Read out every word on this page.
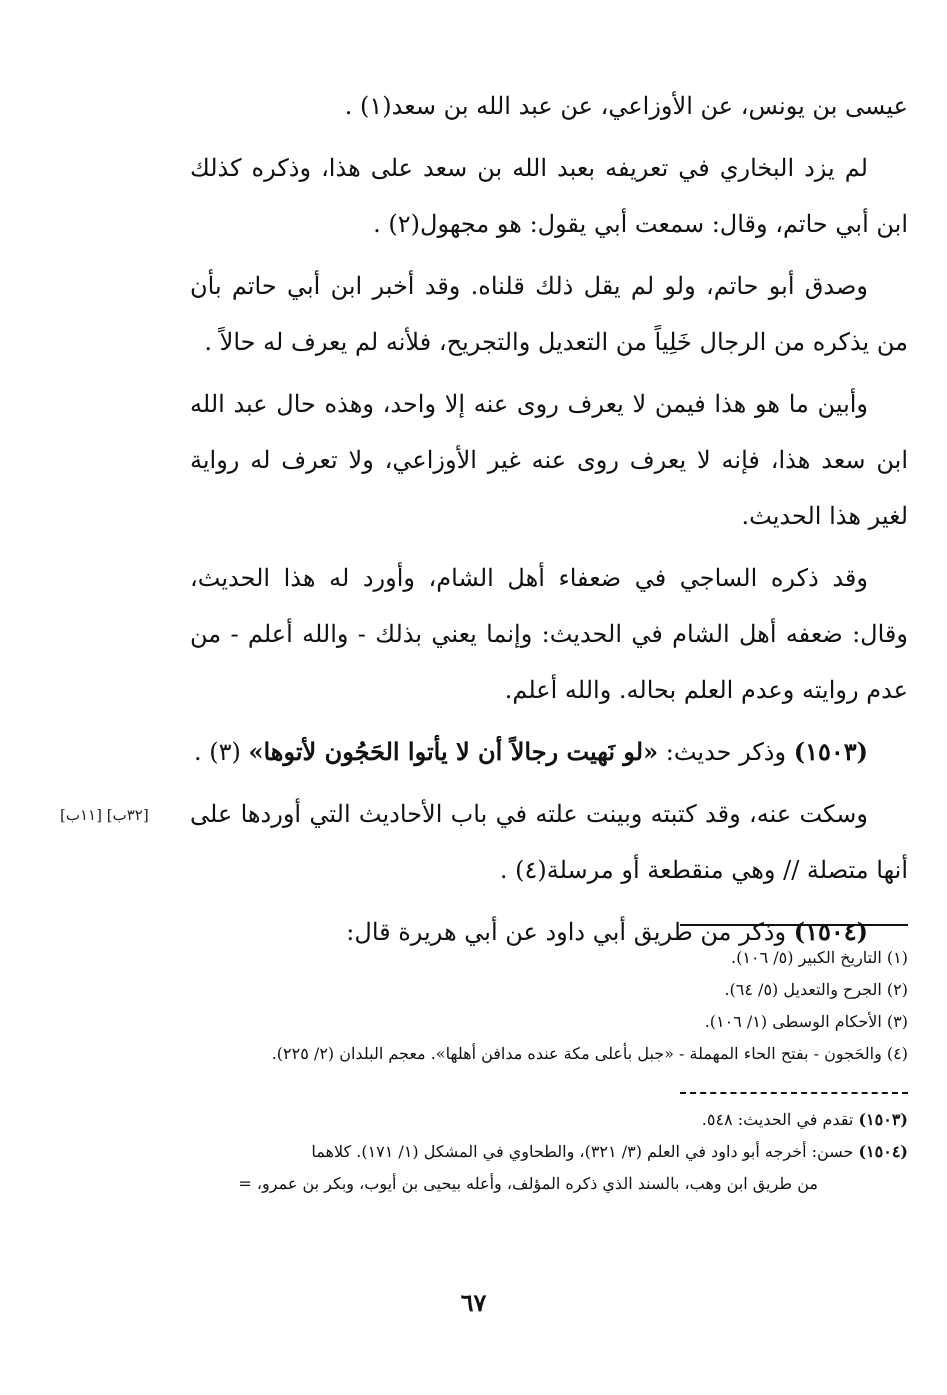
عيسى بن يونس، عن الأوزاعي، عن عبد الله بن سعد(١) .

لم يزد البخاري في تعريفه بعبد الله بن سعد على هذا، وذكره كذلك ابن أبي حاتم، وقال: سمعت أبي يقول: هو مجهول(٢) .

وصدق أبو حاتم، ولو لم يقل ذلك قلناه. وقد أخبر ابن أبي حاتم بأن من يذكره من الرجال خَلِياً من التعديل والتجريح، فلأنه لم يعرف له حالاً .

وأبين ما هو هذا فيمن لا يعرف روى عنه إلا واحد، وهذه حال عبد الله ابن سعد هذا، فإنه لا يعرف روى عنه غير الأوزاعي، ولا تعرف له رواية لغير هذا الحديث.

وقد ذكره الساجي في ضعفاء أهل الشام، وأورد له هذا الحديث، وقال: ضعفه أهل الشام في الحديث: وإنما يعني بذلك - والله أعلم - من عدم روايته وعدم العلم بحاله. والله أعلم.

(١٥٠٣) وذكر حديث: «لو نَهيت رجالاً أن لا يأتوا الحَجُون لأتوها» (٣) .

وسكت عنه، وقد كتبته وبينت علته في باب الأحاديث التي أوردها على أنها متصلة // وهي منقطعة أو مرسلة(٤) .

(١٥٠٤) وذكر من طريق أبي داود عن أبي هريرة قال:

[٣٢ب] [١١ب]

(١) التاريخ الكبير (٥/ ١٠٦).

(٢) الجرح والتعديل (٥/ ٦٤).

(٣) الأحكام الوسطى (١/ ١٠٦).

(٤) والحَجون - بفتح الحاء المهملة - «جبل بأعلى مكة عنده مدافن أهلها». معجم البلدان (٢/ ٢٢٥).

(١٥٠٣) تقدم في الحديث: ٥٤٨.

(١٥٠٤) حسن: أخرجه أبو داود في العلم (٣/ ٣٢١)، والطحاوي في المشكل (١/ ١٧١). كلاهما

من طريق ابن وهب، بالسند الذي ذكره المؤلف، وأعله بيحيى بن أيوب، وبكر بن عمرو، =

٦٧
